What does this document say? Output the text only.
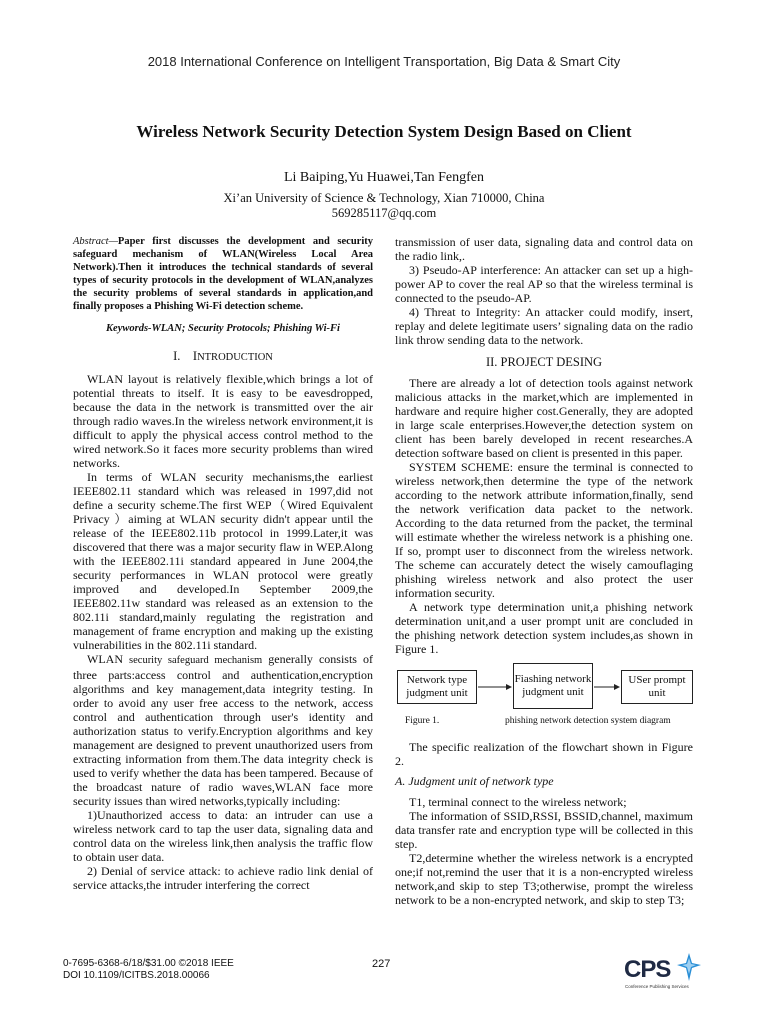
2018 International Conference on Intelligent Transportation, Big Data & Smart City
Wireless Network Security Detection System Design Based on Client
Li Baiping,Yu Huawei,Tan Fengfen
Xi’an University of Science & Technology, Xian 710000, China
569285117@qq.com

Abstract—Paper first discusses the development and security safeguard mechanism of WLAN(Wireless Local Area Network).Then it introduces the technical standards of several types of security protocols in the development of WLAN,analyzes the security problems of several standards in application,and finally proposes a Phishing Wi-Fi detection scheme.

Keywords-WLAN; Security Protocols; Phishing Wi-Fi

I. INTRODUCTION

WLAN layout is relatively flexible,which brings a lot of potential threats to itself. It is easy to be eavesdropped, because the data in the network is transmitted over the air through radio waves.In the wireless network environment,it is difficult to apply the physical access control method to the wired network.So it faces more security problems than wired networks.

In terms of WLAN security mechanisms,the earliest IEEE802.11 standard which was released in 1997,did not define a security scheme.The first WEP（Wired Equivalent Privacy ）aiming at WLAN security didn't appear until the release of the IEEE802.11b protocol in 1999.Later,it was discovered that there was a major security flaw in WEP.Along with the IEEE802.11i standard appeared in June 2004,the security performances in WLAN protocol were greatly improved and developed.In September 2009,the IEEE802.11w standard was released as an extension to the 802.11i standard,mainly regulating the registration and management of frame encryption and making up the existing vulnerabilities in the 802.11i standard.

WLAN security safeguard mechanism generally consists of three parts:access control and authentication,encryption algorithms and key management,data integrity testing. In order to avoid any user free access to the network, access control and authentication through user's identity and authorization status to verify.Encryption algorithms and key management are designed to prevent unauthorized users from extracting information from them.The data integrity check is used to verify whether the data has been tampered. Because of the broadcast nature of radio waves,WLAN face more security issues than wired networks,typically including:

1)Unauthorized access to data: an intruder can use a wireless network card to tap the user data, signaling data and control data on the wireless link,then analysis the traffic flow to obtain user data.

2) Denial of service attack: to achieve radio link denial of service attacks,the intruder interfering the correct

transmission of user data, signaling data and control data on the radio link,.

3) Pseudo-AP interference: An attacker can set up a high-power AP to cover the real AP so that the wireless terminal is connected to the pseudo-AP.

4) Threat to Integrity: An attacker could modify, insert, replay and delete legitimate users’ signaling data on the radio link throw sending data to the network.

II. PROJECT DESING

There are already a lot of detection tools against network malicious attacks in the market,which are implemented in hardware and require higher cost.Generally, they are adopted in large scale enterprises.However,the detection system on client has been barely developed in recent researches.A detection software based on client is presented in this paper.

SYSTEM SCHEME: ensure the terminal is connected to wireless network,then determine the type of the network according to the network attribute information,finally, send the network verification data packet to the network. According to the data returned from the packet, the terminal will estimate whether the wireless network is a phishing one. If so, prompt user to disconnect from the wireless network. The scheme can accurately detect the wisely camouflaging phishing wireless network and also protect the user information security.

A network type determination unit,a phishing network determination unit,and a user prompt unit are concluded in the phishing network detection system includes,as shown in Figure 1.

Network type judgment unit
Fiashing network judgment unit
USer prompt unit

Figure 1.	phishing network detection system diagram

The specific realization of the flowchart shown in Figure 2.

A. Judgment unit of network type

T1, terminal connect to the wireless network;

The information of SSID,RSSI, BSSID,channel, maximum data transfer rate and encryption type will be collected in this step.

T2,determine whether the wireless network is a encrypted one;if not,remind the user that it is a non-encrypted wireless network,and skip to step T3;otherwise, prompt the wireless network to be a non-encrypted network, and skip to step T3;

0-7695-6368-6/18/$31.00 ©2018 IEEE
DOI 10.1109/ICITBS.2018.00066
227	CPS
Conference Publishing Services
